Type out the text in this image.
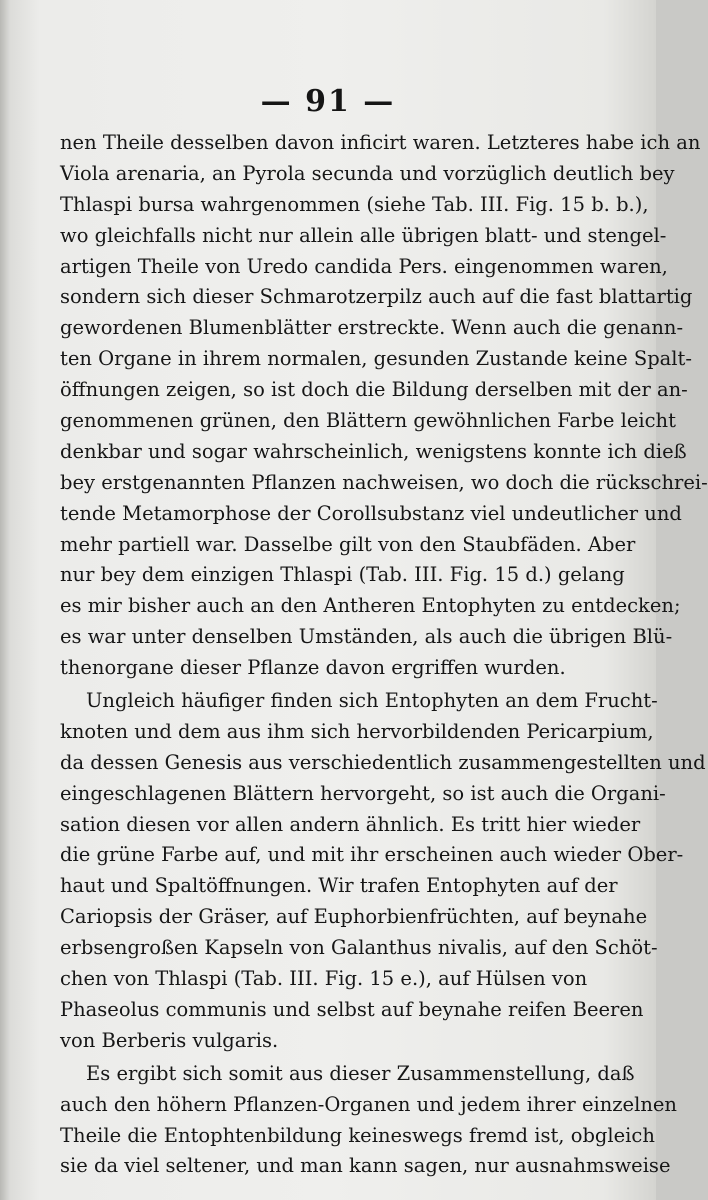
— 91 —
nen Theile desselben davon inficirt waren. Letzteres habe ich an
Viola arenaria, an Pyrola secunda und vorzüglich deutlich bey
Thlaspi bursa wahrgenommen (siehe Tab. III. Fig. 15 b. b.),
wo gleichfalls nicht nur allein alle übrigen blatt- und stengel-
artigen Theile von Uredo candida Pers. eingenommen waren,
sondern sich dieser Schmarotzerpilz auch auf die fast blattartig
gewordenen Blumenblätter erstreckte. Wenn auch die genann-
ten Organe in ihrem normalen, gesunden Zustande keine Spalt-
öffnungen zeigen, so ist doch die Bildung derselben mit der an-
genommenen grünen, den Blättern gewöhnlichen Farbe leicht
denkbar und sogar wahrscheinlich, wenigstens konnte ich dieß
bey erstgenannten Pflanzen nachweisen, wo doch die rückschrei-
tende Metamorphose der Corollsubstanz viel undeutlicher und
mehr partiell war. Dasselbe gilt von den Staubfäden. Aber
nur bey dem einzigen Thlaspi (Tab. III. Fig. 15 d.) gelang
es mir bisher auch an den Antheren Entophyten zu entdecken;
es war unter denselben Umständen, als auch die übrigen Blü-
thenorgane dieser Pflanze davon ergriffen wurden.
Ungleich häufiger finden sich Entophyten an dem Frucht-
knoten und dem aus ihm sich hervorbildenden Pericarpium,
da dessen Genesis aus verschiedentlich zusammengestellten und
eingeschlagenen Blättern hervorgeht, so ist auch die Organi-
sation diesen vor allen andern ähnlich. Es tritt hier wieder
die grüne Farbe auf, und mit ihr erscheinen auch wieder Ober-
haut und Spaltöffnungen. Wir trafen Entophyten auf der
Cariopsis der Gräser, auf Euphorbienfrüchten, auf beynahe
erbsengroßen Kapseln von Galanthus nivalis, auf den Schöt-
chen von Thlaspi (Tab. III. Fig. 15 e.), auf Hülsen von
Phaseolus communis und selbst auf beynahe reifen Beeren
von Berberis vulgaris.
Es ergibt sich somit aus dieser Zusammenstellung, daß
auch den höhern Pflanzen-Organen und jedem ihrer einzelnen
Theile die Entophtenbildung keineswegs fremd ist, obgleich
sie da viel seltener, und man kann sagen, nur ausnahmsweise
